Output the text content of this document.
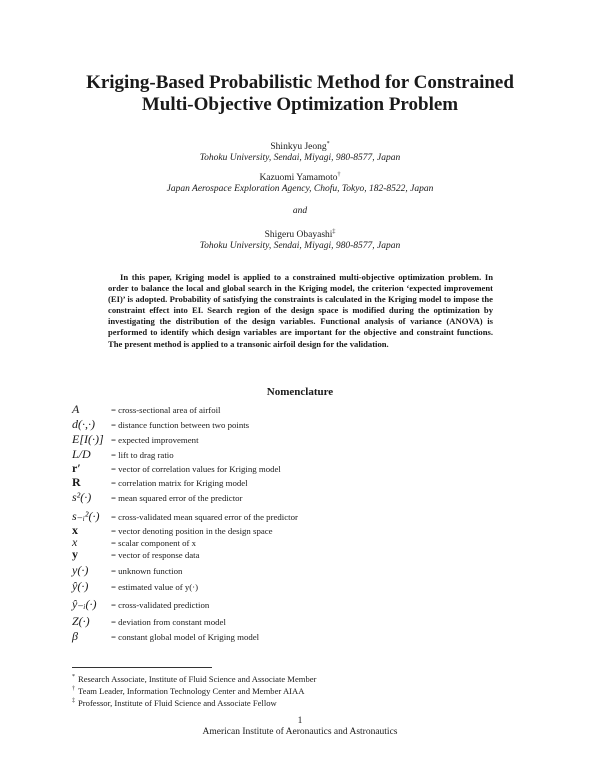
Kriging-Based Probabilistic Method for Constrained Multi-Objective Optimization Problem
Shinkyu Jeong*
Tohoku University, Sendai, Miyagi, 980-8577, Japan
Kazuomi Yamamoto†
Japan Aerospace Exploration Agency, Chofu, Tokyo, 182-8522, Japan
and
Shigeru Obayashi‡
Tohoku University, Sendai, Miyagi, 980-8577, Japan

In this paper, Kriging model is applied to a constrained multi-objective optimization problem. In order to balance the local and global search in the Kriging model, the criterion ‘expected improvement (EI)’ is adopted. Probability of satisfying the constraints is calculated in the Kriging model to impose the constraint effect into EI. Search region of the design space is modified during the optimization by investigating the distribution of the design variables. Functional analysis of variance (ANOVA) is performed to identify which design variables are important for the objective and constraint functions. The present method is applied to a transonic airfoil design for the validation.

Nomenclature
A	= cross-sectional area of airfoil
d(·,·) = distance function between two points
E[I(·)] = expected improvement
L/D = lift to drag ratio
r′	= vector of correlation values for Kriging model
R	= correlation matrix for Kriging model
s²(·) = mean squared error of the predictor
s₋ᵢ²(·) = cross-validated mean squared error of the predictor
x	= vector denoting position in the design space
x	= scalar component of x
y	= vector of response data
y(·)	= unknown function
ŷ(·)	= estimated value of y(·)
ŷ₋ᵢ(·) = cross-validated prediction
Z(·) = deviation from constant model
β	= constant global model of Kriging model
* Research Associate, Institute of Fluid Science and Associate Member
† Team Leader, Information Technology Center and Member AIAA
‡ Professor, Institute of Fluid Science and Associate Fellow
1
American Institute of Aeronautics and Astronautics
